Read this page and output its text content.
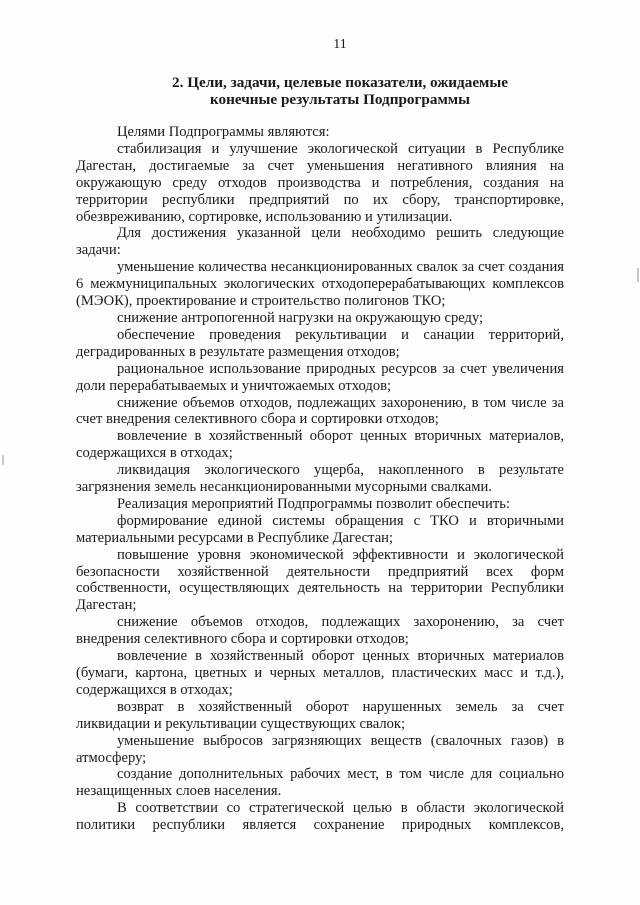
11
2. Цели, задачи, целевые показатели, ожидаемые
конечные результаты Подпрограммы

Целями Подпрограммы являются:

стабилизация и улучшение экологической ситуации в Республике Дагестан, достигаемые за счет уменьшения негативного влияния на окружающую среду отходов производства и потребления, создания на территории республики предприятий по их сбору, транспортировке, обезвреживанию, сортировке, использованию и утилизации.

Для достижения указанной цели необходимо решить следующие задачи:

уменьшение количества несанкционированных свалок за счет создания 6 межмуниципальных экологических отходоперерабатывающих комплексов (МЭОК), проектирование и строительство полигонов ТКО;

снижение антропогенной нагрузки на окружающую среду;

обеспечение проведения рекультивации и санации территорий, деградированных в результате размещения отходов;

рациональное использование природных ресурсов за счет увеличения доли перерабатываемых и уничтожаемых отходов;

снижение объемов отходов, подлежащих захоронению, в том числе за счет внедрения селективного сбора и сортировки отходов;

вовлечение в хозяйственный оборот ценных вторичных материалов, содержащихся в отходах;

ликвидация экологического ущерба, накопленного в результате загрязнения земель несанкционированными мусорными свалками.

Реализация мероприятий Подпрограммы позволит обеспечить:

формирование единой системы обращения с ТКО и вторичными материальными ресурсами в Республике Дагестан;

повышение уровня экономической эффективности и экологической безопасности хозяйственной деятельности предприятий всех форм собственности, осуществляющих деятельность на территории Республики Дагестан;

снижение объемов отходов, подлежащих захоронению, за счет внедрения селективного сбора и сортировки отходов;

вовлечение в хозяйственный оборот ценных вторичных материалов (бумаги, картона, цветных и черных металлов, пластических масс и т.д.), содержащихся в отходах;

возврат в хозяйственный оборот нарушенных земель за счет ликвидации и рекультивации существующих свалок;

уменьшение выбросов загрязняющих веществ (свалочных газов) в атмосферу;

создание дополнительных рабочих мест, в том числе для социально незащищенных слоев населения.

В соответствии со стратегической целью в области экологической политики республики является сохранение природных комплексов,
